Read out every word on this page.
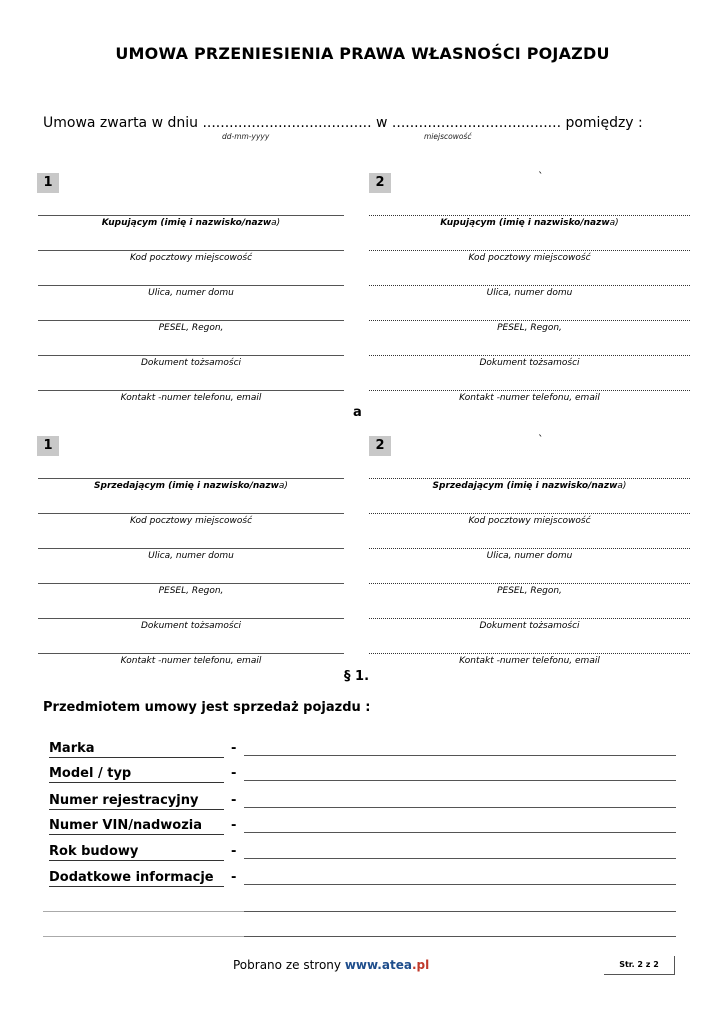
UMOWA PRZENIESIENIA PRAWA WŁASNOŚCI POJAZDU
Umowa zwarta w dniu ...................................... w ...................................... pomiędzy :
dd-mm-yyyy	miejscowość
1	2	`
Kupującym (imię i nazwisko/nazwa)	Kupującym (imię i nazwisko/nazwa)
Kod pocztowy miejscowość	Kod pocztowy miejscowość
Ulica, numer domu	Ulica, numer domu
PESEL, Regon,	PESEL, Regon,
Dokument tożsamości	Dokument tożsamości
Kontakt -numer telefonu, email	Kontakt -numer telefonu, email
a
1	2	`
Sprzedającym (imię i nazwisko/nazwa)	Sprzedającym (imię i nazwisko/nazwa)
Kod pocztowy miejscowość	Kod pocztowy miejscowość
Ulica, numer domu	Ulica, numer domu
PESEL, Regon,	PESEL, Regon,
Dokument tożsamości	Dokument tożsamości
Kontakt -numer telefonu, email	Kontakt -numer telefonu, email
§ 1.
Przedmiotem umowy jest sprzedaż pojazdu :
Marka	-
Model / typ	-
Numer rejestracyjny	-
Numer VIN/nadwozia	-
Rok budowy	-
Dodatkowe informacje	-
Pobrano ze strony www.atea.pl	Str. 2 z 2
